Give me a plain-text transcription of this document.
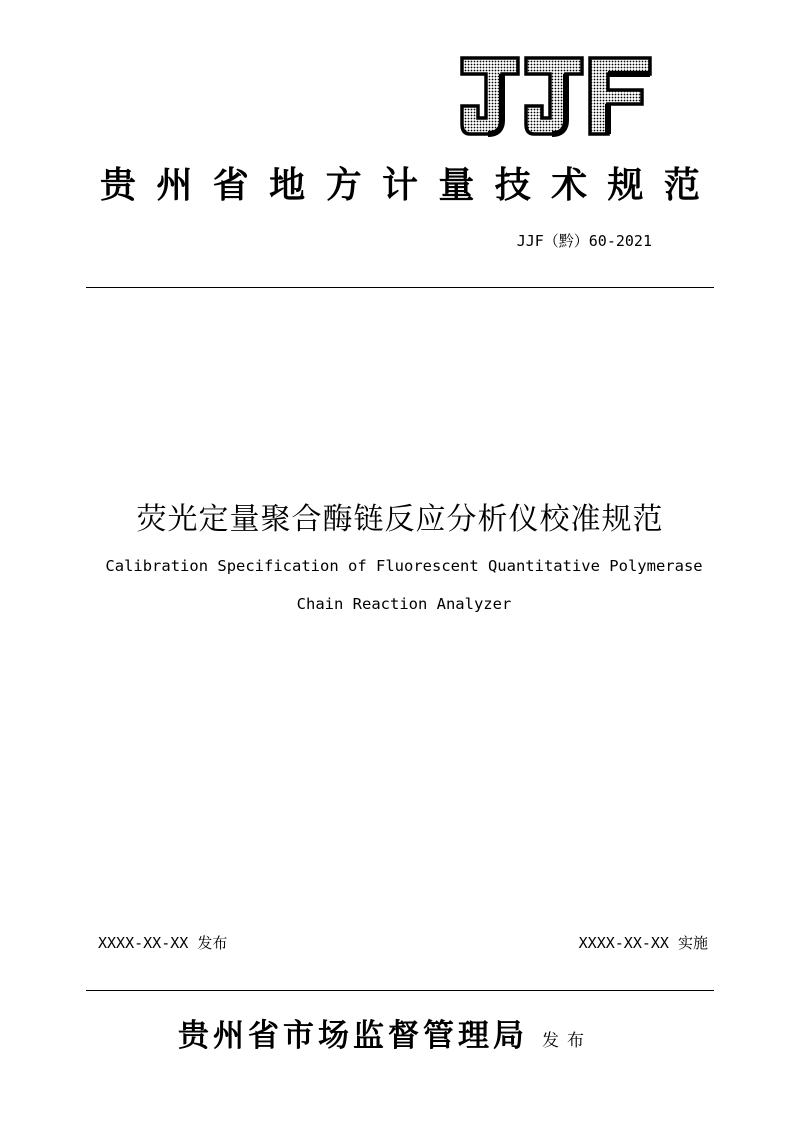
贵 州 省 地 方 计 量 技 术 规 范
JJF（黔）60-2021
荧光定量聚合酶链反应分析仪校准规范
Calibration Specification of Fluorescent Quantitative Polymerase
Chain Reaction Analyzer
XXXX-XX-XX 发布	XXXX-XX-XX 实施
贵州省市场监督管理局 发布
